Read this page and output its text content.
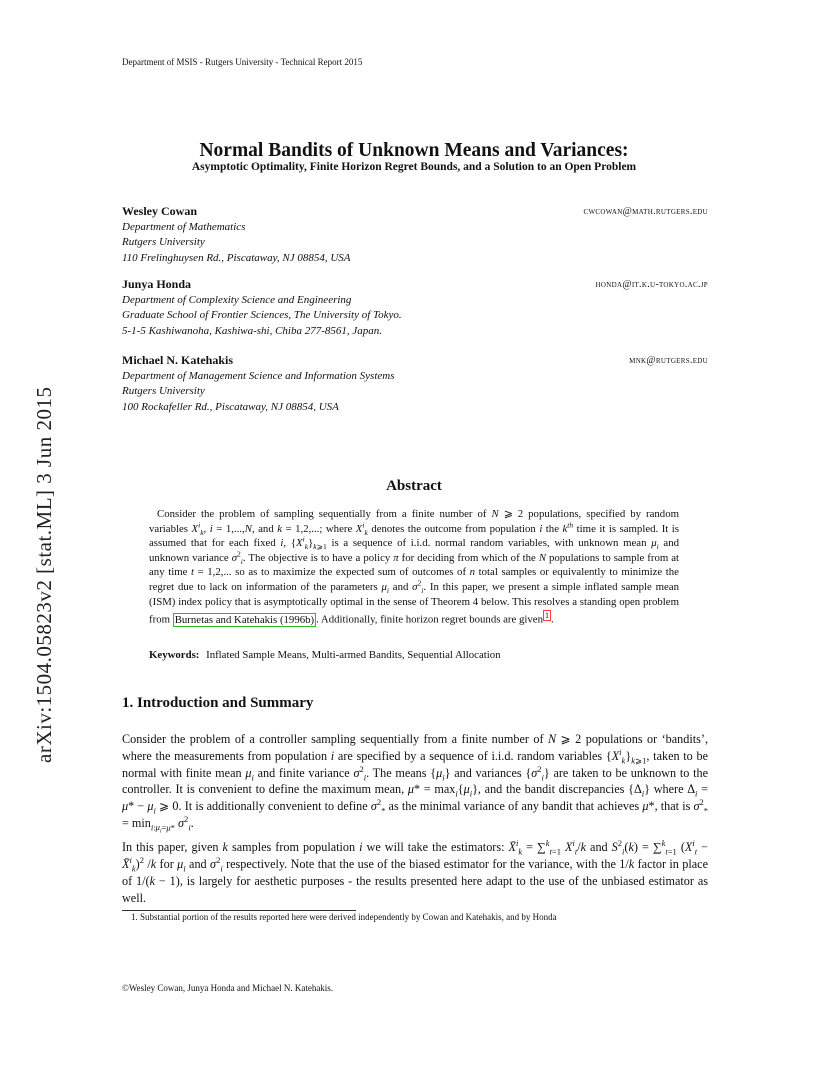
Department of MSIS - Rutgers University - Technical Report 2015
arXiv:1504.05823v2 [stat.ML] 3 Jun 2015
Normal Bandits of Unknown Means and Variances:
Asymptotic Optimality, Finite Horizon Regret Bounds, and a Solution to an Open Problem
Wesley Cowan	cwcowan@math.rutgers.edu
Department of Mathematics
Rutgers University
110 Frelinghuysen Rd., Piscataway, NJ 08854, USA
Junya Honda	honda@it.k.u-tokyo.ac.jp
Department of Complexity Science and Engineering
Graduate School of Frontier Sciences, The University of Tokyo.
5-1-5 Kashiwanoha, Kashiwa-shi, Chiba 277-8561, Japan.
Michael N. Katehakis	mnk@rutgers.edu
Department of Management Science and Information Systems
Rutgers University
100 Rockafeller Rd., Piscataway, NJ 08854, USA
Abstract

Consider the problem of sampling sequentially from a finite number of N ⩾ 2 populations, specified by random variables $X^i_k$, i = 1,...,N, and k = 1,2,...; where $X^i_k$ denotes the outcome from population i the $k^{th}$ time it is sampled. It is assumed that for each fixed i, $\{X^i_k\}_{k⩾1}$ is a sequence of i.i.d. normal random variables, with unknown mean $\mu_i$ and unknown variance $\sigma^2_i$. The objective is to have a policy π for deciding from which of the N populations to sample from at any time t = 1,2,... so as to maximize the expected sum of outcomes of n total samples or equivalently to minimize the regret due to lack on information of the parameters $\mu_i$ and $\sigma^2_i$. In this paper, we present a simple inflated sample mean (ISM) index policy that is asymptotically optimal in the sense of Theorem 4 below. This resolves a standing open problem from Burnetas and Katehakis (1996b) . Additionally, finite horizon regret bounds are given $^1$ .

Keywords: Inflated Sample Means, Multi-armed Bandits, Sequential Allocation
1. Introduction and Summary

Consider the problem of a controller sampling sequentially from a finite number of N ⩾ 2 populations or ‘bandits’, where the measurements from population i are specified by a sequence of i.i.d. random variables $\{X^i_k\}_{k⩾1}$, taken to be normal with finite mean $\mu_i$ and finite variance $\sigma^2_i$. The means $\{\mu_i\}$ and variances $\{\sigma^2_i\}$ are taken to be unknown to the controller. It is convenient to define the maximum mean, $\mu* = \max_i\{\mu_i\}$, and the bandit discrepancies $\{\Delta_i\}$ where $\Delta_i = \mu* - \mu_i$ ⩾ 0. It is additionally convenient to define $\sigma^2_*$ as the minimal variance of any bandit that achieves μ*, that is $\sigma^2_* = \min_{i:\mu_i=\mu*} \sigma^2_i$.

In this paper, given k samples from population i we will take the estimators: X̄$^i_k$ = ∑$^k_{t=1}$ $X^i_t/k$ and $S^2_i(k) = \sum^k_{t=1}$ ($X^i_t$ − X̄$^i_k$)$^2$ /k for $\mu_i$ and $\sigma^2_i$ respectively. Note that the use of the biased estimator for the variance, with the 1/k factor in place of 1/(k − 1), is largely for aesthetic purposes - the results presented here adapt to the use of the unbiased estimator as well.

1. Substantial portion of the results reported here were derived independently by Cowan and Katehakis, and by Honda
©Wesley Cowan, Junya Honda and Michael N. Katehakis.
